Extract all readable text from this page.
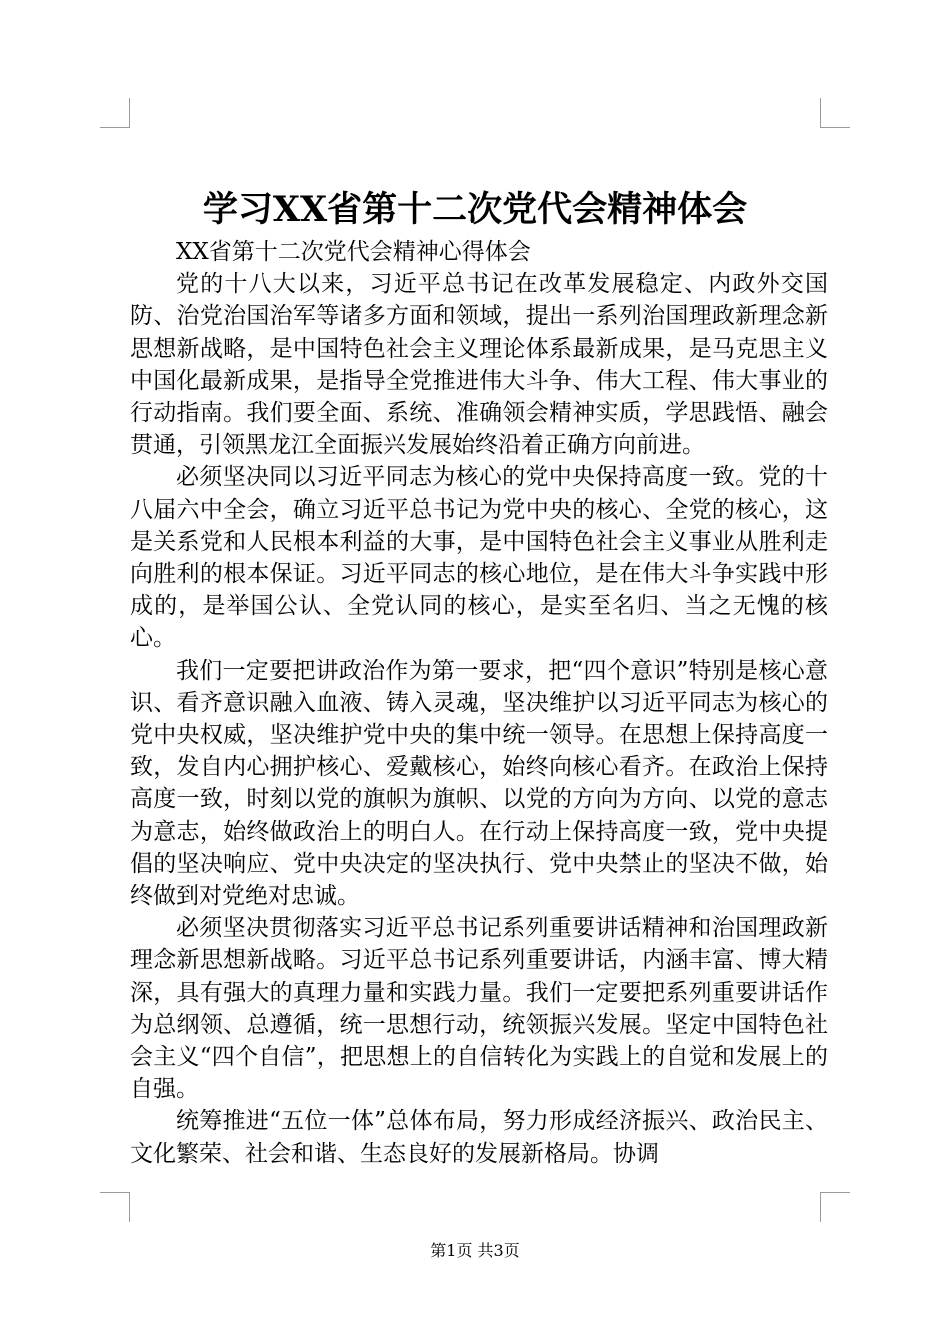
学习XX省第十二次党代会精神体会

XX省第十二次党代会精神心得体会

党的十八大以来，习近平总书记在改革发展稳定、内政外交国防、治党治国治军等诸多方面和领域，提出一系列治国理政新理念新思想新战略，是中国特色社会主义理论体系最新成果，是马克思主义中国化最新成果，是指导全党推进伟大斗争、伟大工程、伟大事业的行动指南。我们要全面、系统、准确领会精神实质，学思践悟、融会贯通，引领黑龙江全面振兴发展始终沿着正确方向前进。

必须坚决同以习近平同志为核心的党中央保持高度一致。党的十八届六中全会，确立习近平总书记为党中央的核心、全党的核心，这是关系党和人民根本利益的大事，是中国特色社会主义事业从胜利走向胜利的根本保证。习近平同志的核心地位，是在伟大斗争实践中形成的，是举国公认、全党认同的核心，是实至名归、当之无愧的核心。

我们一定要把讲政治作为第一要求，把“四个意识”特别是核心意识、看齐意识融入血液、铸入灵魂，坚决维护以习近平同志为核心的党中央权威，坚决维护党中央的集中统一领导。在思想上保持高度一致，发自内心拥护核心、爱戴核心，始终向核心看齐。在政治上保持高度一致，时刻以党的旗帜为旗帜、以党的方向为方向、以党的意志为意志，始终做政治上的明白人。在行动上保持高度一致，党中央提倡的坚决响应、党中央决定的坚决执行、党中央禁止的坚决不做，始终做到对党绝对忠诚。

必须坚决贯彻落实习近平总书记系列重要讲话精神和治国理政新理念新思想新战略。习近平总书记系列重要讲话，内涵丰富、博大精深，具有强大的真理力量和实践力量。我们一定要把系列重要讲话作为总纲领、总遵循，统一思想行动，统领振兴发展。坚定中国特色社会主义“四个自信”，把思想上的自信转化为实践上的自觉和发展上的自强。

统筹推进“五位一体”总体布局，努力形成经济振兴、政治民主、文化繁荣、社会和谐、生态良好的发展新格局。协调

第1页 共3页
